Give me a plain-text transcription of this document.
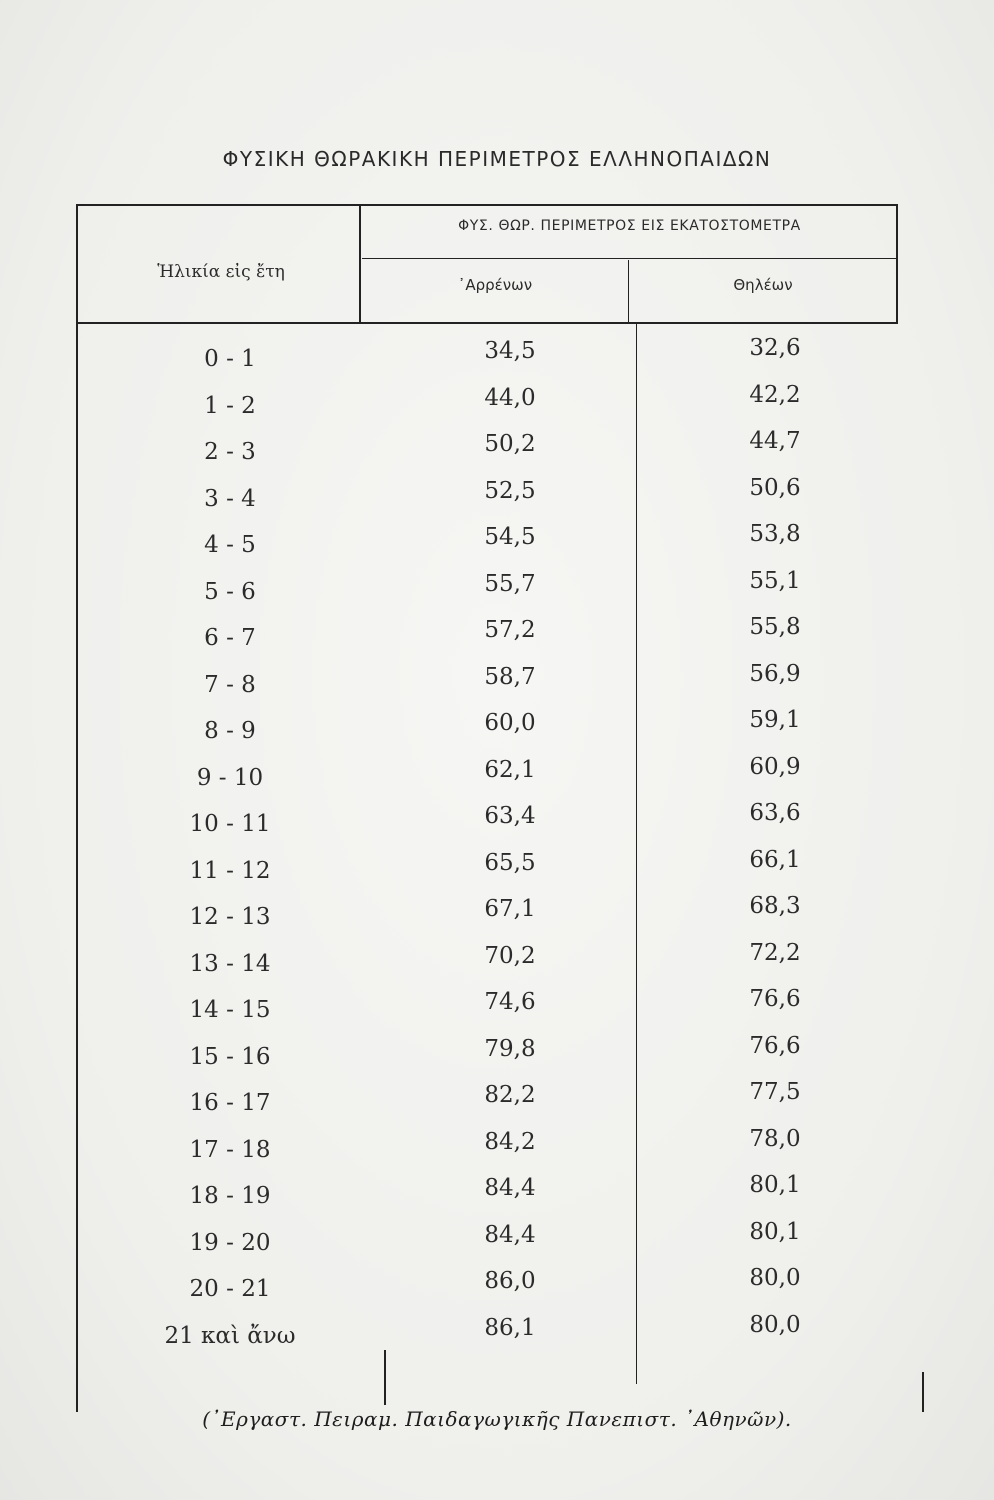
ΦΥΣΙΚΗ ΘΩΡΑΚΙΚΗ ΠΕΡΙΜΕΤΡΟΣ ΕΛΛΗΝΟΠΑΙΔΩΝ
Ἡλικία εἰς ἔτη
ΦΥΣ. ΘΩΡ. ΠΕΡΙΜΕΤΡΟΣ ΕΙΣ ΕΚΑΤΟΣΤΟΜΕΤΡΑ
᾿Αρρένων	Θηλέων
0 - 1	34,5	32,6
1 - 2	44,0	42,2
2 - 3	50,2	44,7
3 - 4	52,5	50,6
4 - 5	54,5	53,8
5 - 6	55,7	55,1
6 - 7	57,2	55,8
7 - 8	58,7	56,9
8 - 9	60,0	59,1
9 - 10	62,1	60,9
10 - 11	63,4	63,6
11 - 12	65,5	66,1
12 - 13	67,1	68,3
13 - 14	70,2	72,2
14 - 15	74,6	76,6
15 - 16	79,8	76,6
16 - 17	82,2	77,5
17 - 18	84,2	78,0
18 - 19	84,4	80,1
19 - 20	84,4	80,1
20 - 21	86,0	80,0
21 καὶ ἄνω	86,1	80,0
(᾿Εργαστ. Πειραμ. Παιδαγωγικῆς Πανεπιστ. ᾿Αθηνῶν).
